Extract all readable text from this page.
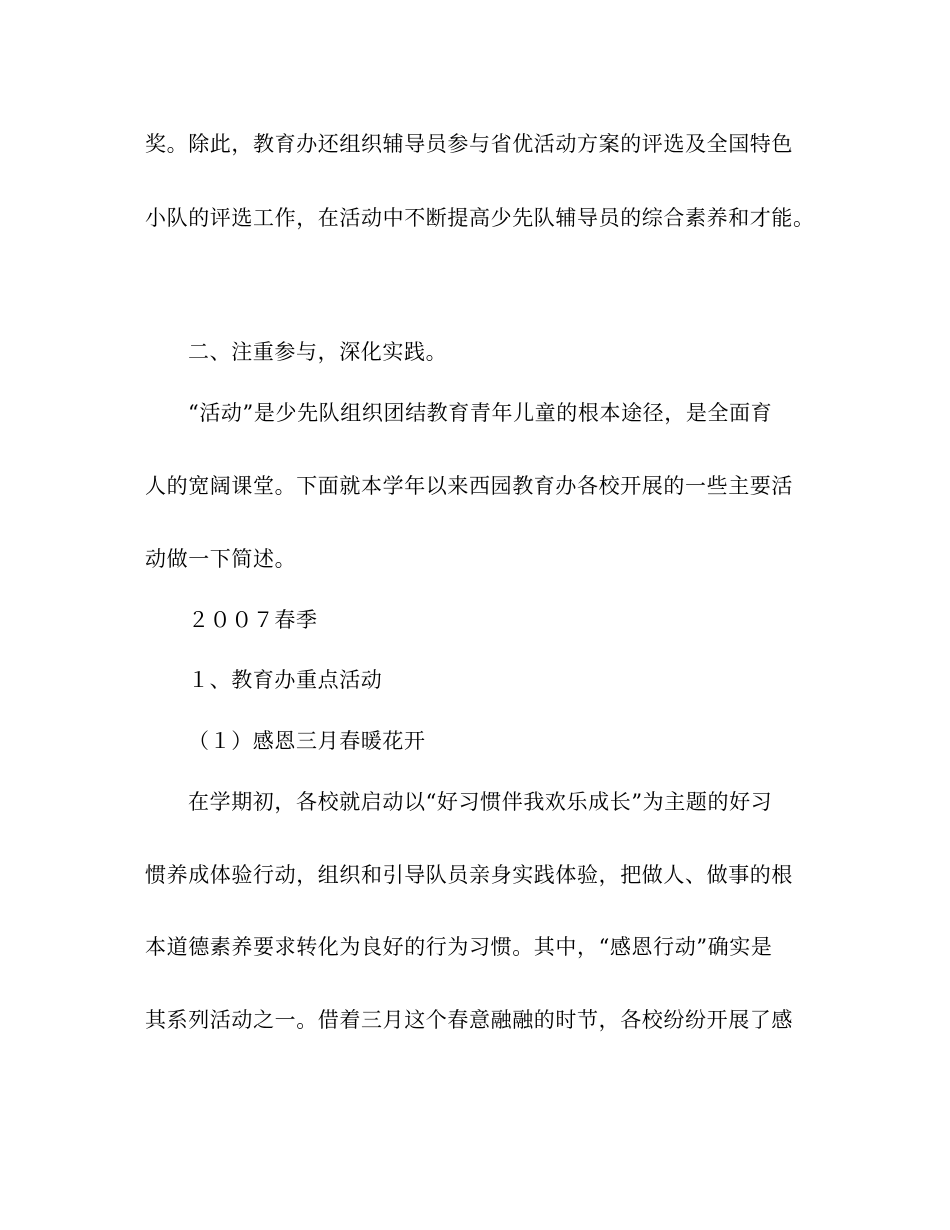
奖。除此，教育办还组织辅导员参与省优活动方案的评选及全国特色
小队的评选工作，在活动中不断提高少先队辅导员的综合素养和才能。
二、注重参与，深化实践。
“活动”是少先队组织团结教育青年儿童的根本途径，是全面育
人的宽阔课堂。下面就本学年以来西园教育办各校开展的一些主要活
动做一下简述。
２００７春季
１、教育办重点活动
（１）感恩三月春暖花开
在学期初，各校就启动以“好习惯伴我欢乐成长”为主题的好习
惯养成体验行动，组织和引导队员亲身实践体验，把做人、做事的根
本道德素养要求转化为良好的行为习惯。其中，“感恩行动”确实是
其系列活动之一。借着三月这个春意融融的时节，各校纷纷开展了感
